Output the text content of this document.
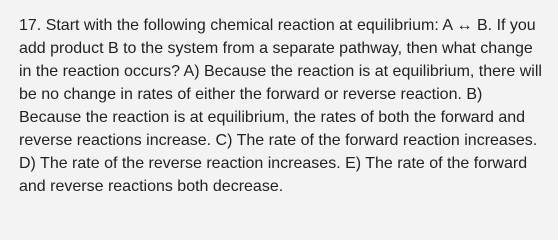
17. Start with the following chemical reaction at equilibrium: A ↔ B. If you add product B to the system from a separate pathway, then what change in the reaction occurs? A) Because the reaction is at equilibrium, there will be no change in rates of either the forward or reverse reaction. B) Because the reaction is at equilibrium, the rates of both the forward and reverse reactions increase. C) The rate of the forward reaction increases. D) The rate of the reverse reaction increases. E) The rate of the forward and reverse reactions both decrease.
